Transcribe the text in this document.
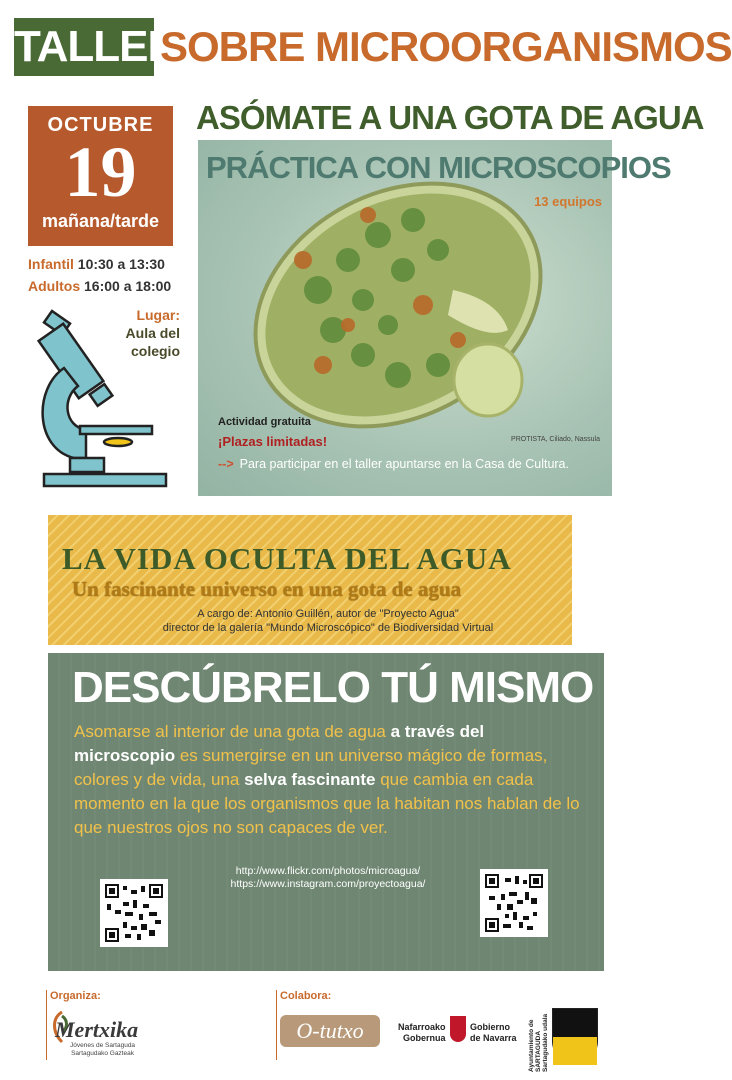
TALLER
SOBRE MICROORGANISMOS
OCTUBRE
19
mañana/tarde
Infantil 10:30 a 13:30
Adultos 16:00 a 18:00
Lugar:
Aula del
colegio
ASÓMATE A UNA GOTA DE AGUA
PRÁCTICA CON MICROSCOPIOS
13 equipos
PROTISTA, Ciliado, Nassula
Actividad gratuita
¡Plazas limitadas!
--> Para participar en el taller apuntarse en la Casa de Cultura.
LA VIDA OCULTA DEL AGUA
Un fascinante universo en una gota de agua
A cargo de: Antonio Guillén, autor de "Proyecto Agua"
director de la galería "Mundo Microscópico" de Biodiversidad Virtual
DESCÚBRELO TÚ MISMO
Asomarse al interior de una gota de agua a través del microscopio es sumergirse en un universo mágico de formas, colores y de vida, una selva fascinante que cambia en cada momento en la que los organismos que la habitan nos hablan de lo que nuestros ojos no son capaces de ver.
http://www.flickr.com/photos/microagua/
https://www.instagram.com/proyectoagua/
Organiza:
Mertxika
Jóvenes de Sartaguda
Sartagudako Gazteak
Colabora:
O-tutxo	Nafarroako
Gobernua
Gobierno
de Navarra Ayuntamiento de SARTAGUDA Sartagudako udala
